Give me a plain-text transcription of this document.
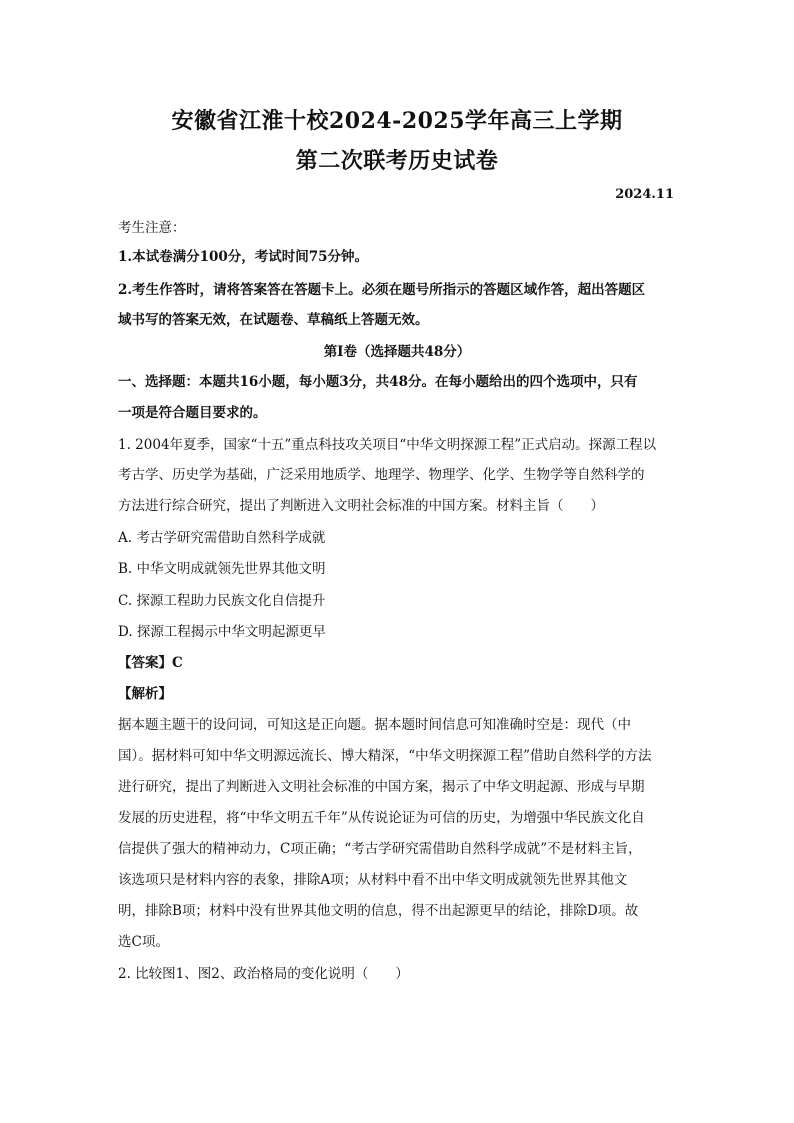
安徽省江淮十校2024-2025学年高三上学期
第二次联考历史试卷
2024.11
考生注意：
1.本试卷满分100分，考试时间75分钟。
2.考生作答时，请将答案答在答题卡上。必须在题号所指示的答题区域作答，超出答题区
域书写的答案无效，在试题卷、草稿纸上答题无效。
第Ⅰ卷（选择题共48分）
一、选择题：本题共16小题，每小题3分，共48分。在每小题给出的四个选项中，只有
一项是符合题目要求的。
1. 2004年夏季，国家“十五”重点科技攻关项目“中华文明探源工程”正式启动。探源工程以
考古学、历史学为基础，广泛采用地质学、地理学、物理学、化学、生物学等自然科学的
方法进行综合研究，提出了判断进入文明社会标准的中国方案。材料主旨（　　）
A. 考古学研究需借助自然科学成就
B. 中华文明成就领先世界其他文明
C. 探源工程助力民族文化自信提升
D. 探源工程揭示中华文明起源更早
【答案】C
【解析】
据本题主题干的设问词，可知这是正向题。据本题时间信息可知准确时空是：现代（中
国）。据材料可知中华文明源远流长、博大精深，“中华文明探源工程”借助自然科学的方法
进行研究，提出了判断进入文明社会标准的中国方案，揭示了中华文明起源、形成与早期
发展的历史进程，将“中华文明五千年”从传说论证为可信的历史，为增强中华民族文化自
信提供了强大的精神动力，C项正确；“考古学研究需借助自然科学成就”不是材料主旨，
该选项只是材料内容的表象，排除A项；从材料中看不出中华文明成就领先世界其他文
明，排除B项；材料中没有世界其他文明的信息，得不出起源更早的结论，排除D项。故
选C项。
2. 比较图1、图2、政治格局的变化说明（　　）
